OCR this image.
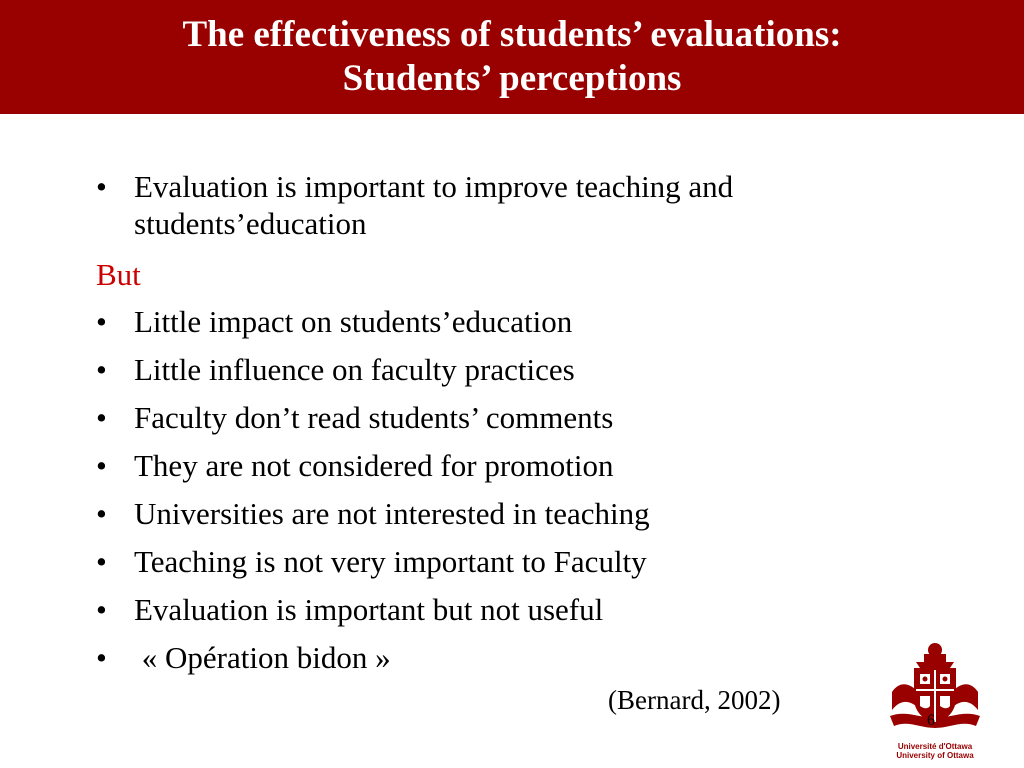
The effectiveness of students’ evaluations:
Students’ perceptions
• Evaluation is important to improve teaching and students’education
But
• Little impact on students’education
• Little influence on faculty practices
• Faculty don’t read students’ comments
• They are not considered for promotion
• Universities are not interested in teaching
• Teaching is not very important to Faculty
• Evaluation is important but not useful
• « Opération bidon »
(Bernard, 2002)
Université d'Ottawa
University of Ottawa
6
